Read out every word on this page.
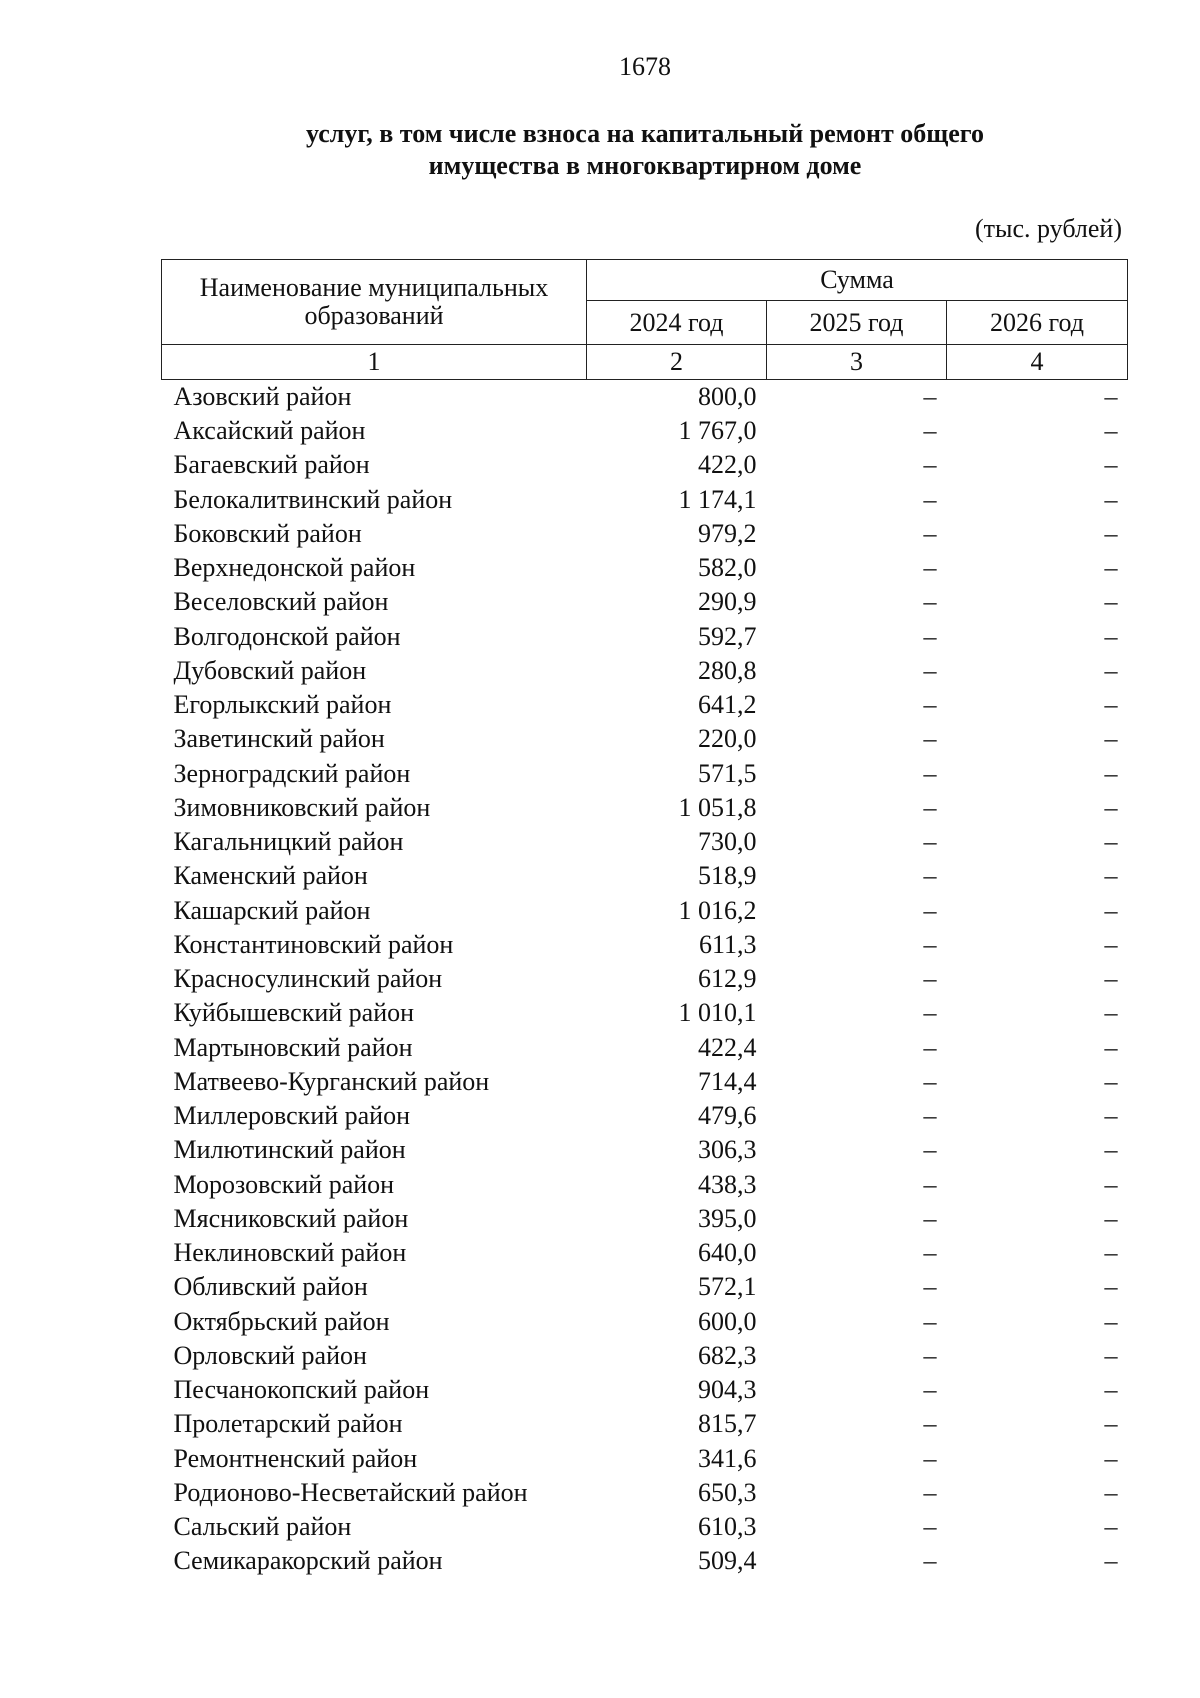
1678
услуг, в том числе взноса на капитальный ремонт общего
имущества в многоквартирном доме
(тыс. рублей)
Наименование муниципальных образований	Сумма		
	2024 год	2025 год	2026 год
1	2	3	4
Азовский район	800,0	–	–
Аксайский район	1 767,0	–	–
Багаевский район	422,0	–	–
Белокалитвинский район	1 174,1	–	–
Боковский район	979,2	–	–
Верхнедонской район	582,0	–	–
Веселовский район	290,9	–	–
Волгодонской район	592,7	–	–
Дубовский район	280,8	–	–
Егорлыкский район	641,2	–	–
Заветинский район	220,0	–	–
Зерноградский район	571,5	–	–
Зимовниковский район	1 051,8	–	–
Кагальницкий район	730,0	–	–
Каменский район	518,9	–	–
Кашарский район	1 016,2	–	–
Константиновский район	611,3	–	–
Красносулинский район	612,9	–	–
Куйбышевский район	1 010,1	–	–
Мартыновский район	422,4	–	–
Матвеево-Курганский район	714,4	–	–
Миллеровский район	479,6	–	–
Милютинский район	306,3	–	–
Морозовский район	438,3	–	–
Мясниковский район	395,0	–	–
Неклиновский район	640,0	–	–
Обливский район	572,1	–	–
Октябрьский район	600,0	–	–
Орловский район	682,3	–	–
Песчанокопский район	904,3	–	–
Пролетарский район	815,7	–	–
Ремонтненский район	341,6	–	–
Родионово-Несветайский район	650,3	–	–
Сальский район	610,3	–	–
Семикаракорский район	509,4	–	–
